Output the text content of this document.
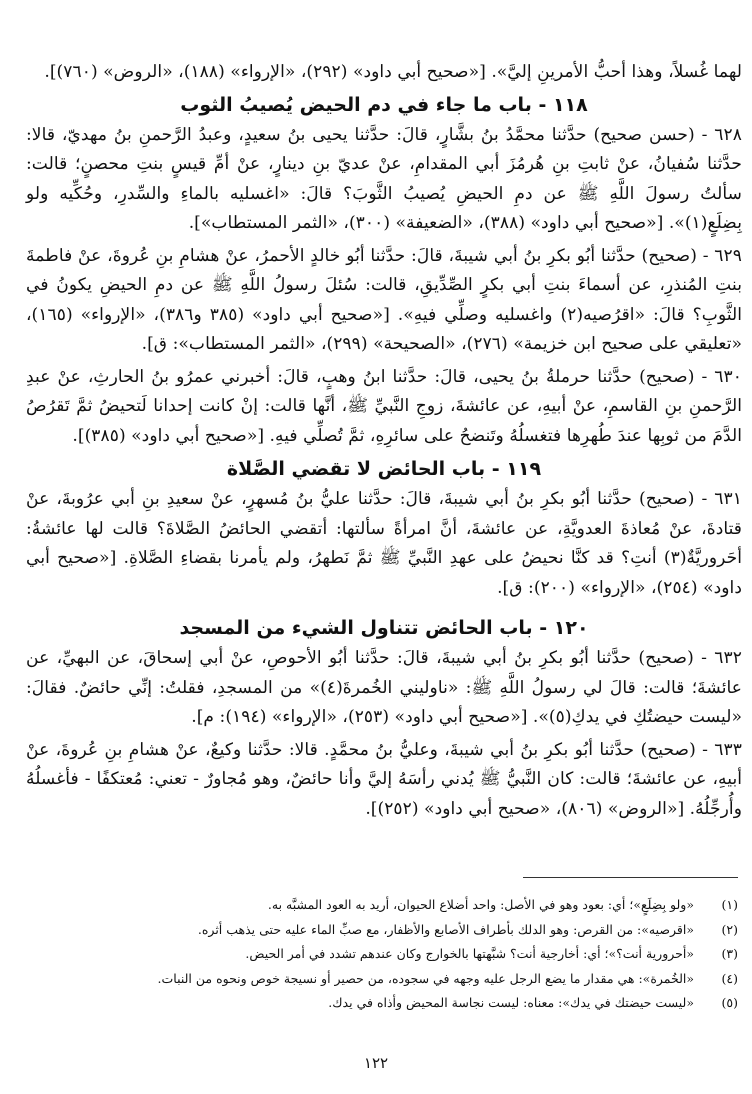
لهما غُسلاً، وهذا أحبُّ الأمرينِ إليَّ». [«صحيح أبي داود» (٢٩٢)، «الإرواء» (١٨٨)، «الروض» (٧٦٠)].

١١٨ - باب ما جاء في دم الحيض يُصيبُ الثوب

٦٢٨ - (حسن صحيح) حدَّثنا محمَّدُ بنُ بشَّارٍ، قالَ: حدَّثنا يحيى بنُ سعيدٍ، وعبدُ الرَّحمنِ بنُ مهديّ، قالا: حدَّثنا سُفيانُ، عنْ ثابتِ بنِ هُرمُزَ أبي المقدامِ، عنْ عديّ بنِ دينارٍ، عنْ أمِّ قيسٍ بنتِ محصنٍ؛ قالت: سألتُ رسولَ اللَّهِ ﷺ عن دمِ الحيضِ يُصيبُ الثَّوبَ؟ قالَ: «اغسليه بالماءِ والسِّدرِ، وحُكِّيه ولو بِضِلَعٍ(١)». [«صحيح أبي داود» (٣٨٨)، «الضعيفة» (٣٠٠)، «الثمر المستطاب»].

٦٢٩ - (صحيح) حدَّثنا أبُو بكرِ بنُ أبي شيبةَ، قالَ: حدَّثنا أبُو خالدٍ الأحمرُ، عنْ هشامِ بنِ عُروةَ، عنْ فاطمةَ بنتِ المُنذرِ، عن أسماءَ بنتِ أبي بكرٍ الصِّدِّيقِ، قالت: سُئلَ رسولُ اللَّهِ ﷺ عن دمِ الحيضِ يكونُ في الثَّوبِ؟ قالَ: «اقرُصيه(٢) واغسليه وصلِّي فيهِ». [«صحيح أبي داود» (٣٨٥ و٣٨٦)، «الإرواء» (١٦٥)، «تعليقي على صحيح ابن خزيمة» (٢٧٦)، «الصحيحة» (٢٩٩)، «الثمر المستطاب»: ق].

٦٣٠ - (صحيح) حدَّثنا حرملةُ بنُ يحيى، قالَ: حدَّثنا ابنُ وهبٍ، قالَ: أخبرني عمرُو بنُ الحارثِ، عنْ عبدِ الرَّحمنِ بنِ القاسمِ، عنْ أبيهِ، عن عائشةَ، زوجِ النَّبيِّ ﷺ، أنَّها قالت: إنْ كانت إحدانا لَتحيضُ ثمَّ تَقرُصُ الدَّمَ من ثوبِها عندَ طُهرِها فتغسلُهُ وتَنضحُ على سائرِهِ، ثمَّ تُصلِّي فيهِ. [«صحيح أبي داود» (٣٨٥)].

١١٩ - باب الحائض لا تقضي الصَّلاة

٦٣١ - (صحيح) حدَّثنا أبُو بكرِ بنُ أبي شيبةَ، قالَ: حدَّثنا عليُّ بنُ مُسهرٍ، عنْ سعيدِ بنِ أبي عرُوبةَ، عنْ قتادةَ، عنْ مُعاذةَ العدويَّةِ، عن عائشةَ، أنَّ امرأةً سألتها: أتقضي الحائضُ الصَّلاةَ؟ قالت لها عائشةُ: أحَروريَّةٌ(٣) أنتِ؟ قد كنَّا نحيضُ على عهدِ النَّبيِّ ﷺ ثمَّ نَطهرُ، ولم يأمرنا بقضاءِ الصَّلاةِ. [«صحيح أبي داود» (٢٥٤)، «الإرواء» (٢٠٠): ق].

١٢٠ - باب الحائض تتناول الشيء من المسجد

٦٣٢ - (صحيح) حدَّثنا أبُو بكرِ بنُ أبي شيبةَ، قالَ: حدَّثنا أبُو الأحوصِ، عنْ أبي إسحاقَ، عن البهيِّ، عن عائشةَ؛ قالت: قالَ لي رسولُ اللَّهِ ﷺ: «ناوليني الخُمرةَ(٤)» من المسجدِ، فقلتُ: إنِّي حائضٌ. فقالَ: «ليست حيضتُكِ في يدكِ(٥)». [«صحيح أبي داود» (٢٥٣)، «الإرواء» (١٩٤): م].

٦٣٣ - (صحيح) حدَّثنا أبُو بكرِ بنُ أبي شيبةَ، وعليُّ بنُ محمَّدٍ. قالا: حدَّثنا وكيعٌ، عنْ هشامِ بنِ عُروةَ، عنْ أبيهِ، عن عائشةَ؛ قالت: كان النَّبيُّ ﷺ يُدني رأسَهُ إليَّ وأنا حائضٌ، وهو مُجاورٌ - تعني: مُعتكفًا - فأغسلُهُ وأُرجِّلُهُ. [«الروض» (٨٠٦)، «صحيح أبي داود» (٢٥٢)].

(١)
«ولو بِضِلَعٍ»؛ أي: بعود وهو في الأصل: واحد أضلاع الحيوان، أريد به العود المشبَّه به.
(٢)
«اقرصيه»: من القرص: وهو الدلك بأطراف الأصابع والأظفار، مع صبِّ الماء عليه حتى يذهب أثره.
(٣)
«أحرورية أنت؟»؛ أي: أخارجية أنت؟ شبَّهتها بالخوارج وكان عندهم تشدد في أمر الحيض.
(٤)
«الخُمرة»: هي مقدار ما يضع الرجل عليه وجهه في سجوده، من حصير أو نسيجة خوص ونحوه من النبات.
(٥)
«ليست حيضتك في يدك»: معناه: ليست نجاسة المحيض وأذاه في يدك.
١٢٢
